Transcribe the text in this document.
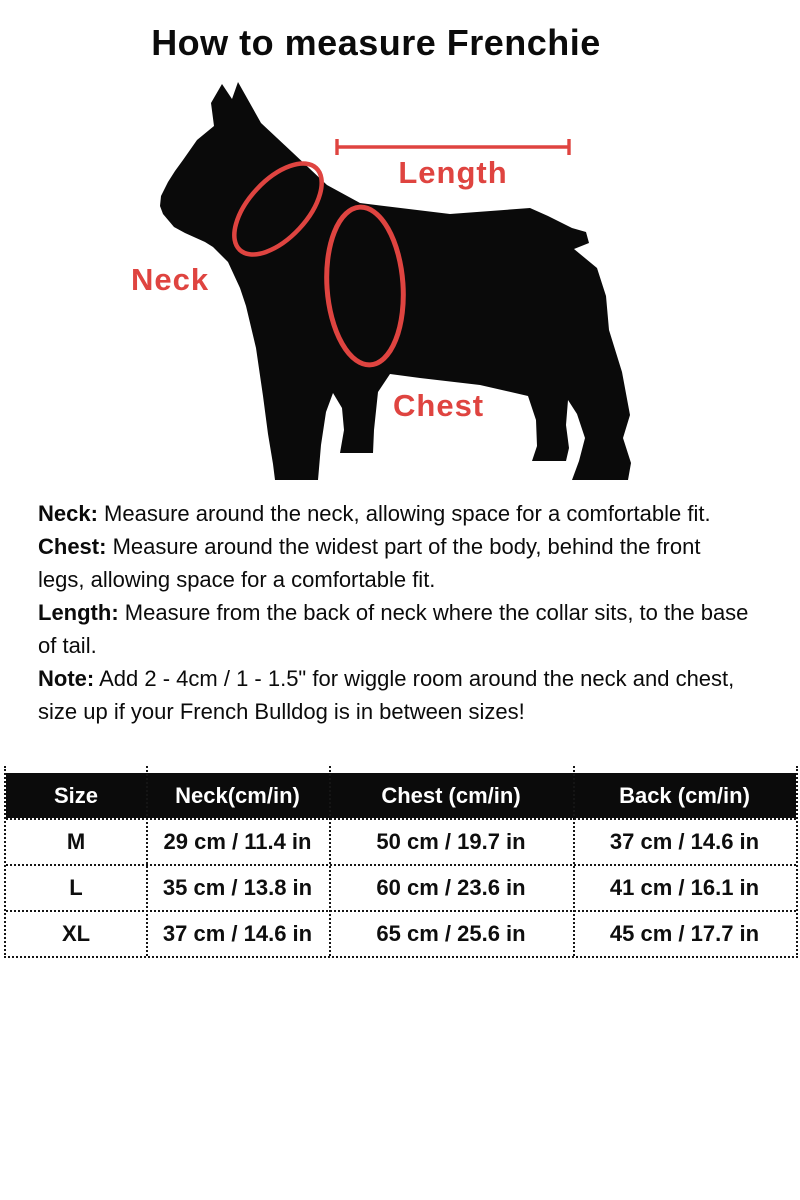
How to measure Frenchie
Length
Neck
Chest

Neck: Measure around the neck, allowing space for a comfortable fit.

Chest: Measure around the widest part of the body, behind the front legs, allowing space for a comfortable fit.

Length: Measure from the back of neck where the collar sits, to the base of tail.

Note: Add 2 - 4cm / 1 - 1.5" for wiggle room around the neck and chest, size up if your French Bulldog is in between sizes!

Size	Neck(cm/in)	Chest (cm/in)	Back (cm/in)
M	29 cm / 11.4 in	50 cm / 19.7 in	37 cm / 14.6 in
L	35 cm / 13.8 in	60 cm / 23.6 in	41 cm / 16.1 in
XL	37 cm / 14.6 in	65 cm / 25.6 in	45 cm / 17.7 in
